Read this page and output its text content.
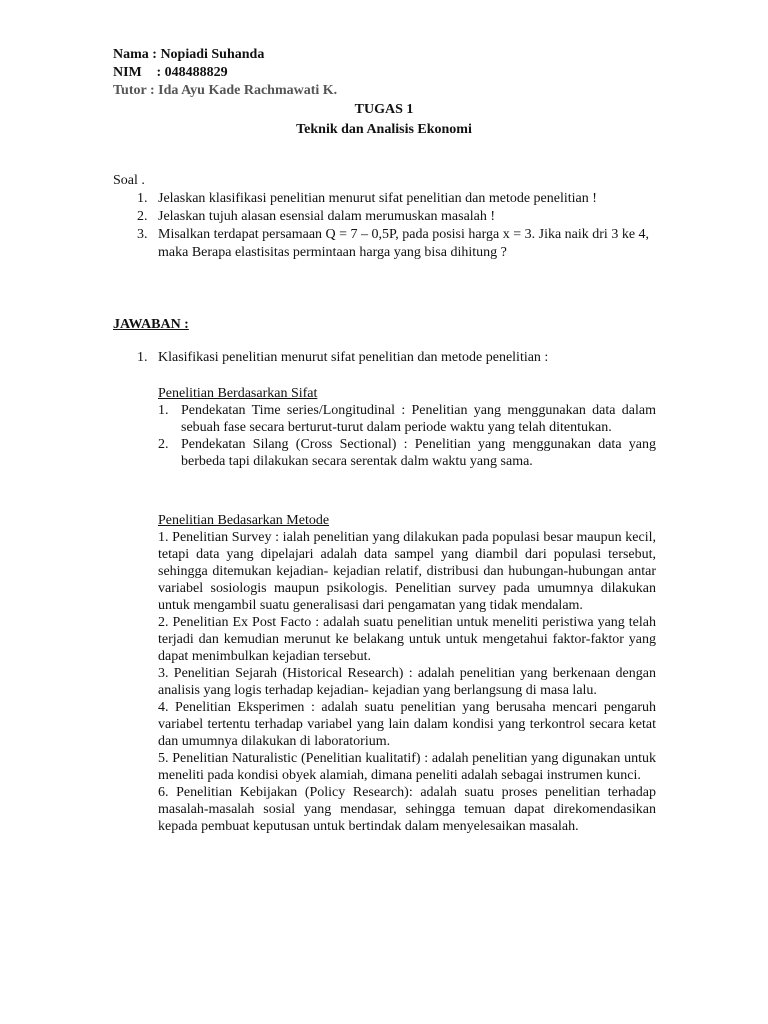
Nama : Nopiadi Suhanda
NIM : 048488829
Tutor : Ida Ayu Kade Rachmawati K.
TUGAS 1
Teknik dan Analisis Ekonomi
Soal .
1. Jelaskan klasifikasi penelitian menurut sifat penelitian dan metode penelitian !
2. Jelaskan tujuh alasan esensial dalam merumuskan masalah !
3. Misalkan terdapat persamaan Q = 7 – 0,5P, pada posisi harga x = 3. Jika naik dri 3 ke 4, maka Berapa elastisitas permintaan harga yang bisa dihitung ?
JAWABAN :
1. Klasifikasi penelitian menurut sifat penelitian dan metode penelitian :
Penelitian Berdasarkan Sifat
1. Pendekatan Time series/Longitudinal : Penelitian yang menggunakan data dalam sebuah fase secara berturut-turut dalam periode waktu yang telah ditentukan.
2. Pendekatan Silang (Cross Sectional) : Penelitian yang menggunakan data yang berbeda tapi dilakukan secara serentak dalm waktu yang sama.
Penelitian Bedasarkan Metode

1. Penelitian Survey : ialah penelitian yang dilakukan pada populasi besar maupun kecil, tetapi data yang dipelajari adalah data sampel yang diambil dari populasi tersebut, sehingga ditemukan kejadian- kejadian relatif, distribusi dan hubungan-hubungan antar variabel sosiologis maupun psikologis. Penelitian survey pada umumnya dilakukan untuk mengambil suatu generalisasi dari pengamatan yang tidak mendalam.

2. Penelitian Ex Post Facto : adalah suatu penelitian untuk meneliti peristiwa yang telah terjadi dan kemudian merunut ke belakang untuk untuk mengetahui faktor-faktor yang dapat menimbulkan kejadian tersebut.

3. Penelitian Sejarah (Historical Research) : adalah penelitian yang berkenaan dengan analisis yang logis terhadap kejadian- kejadian yang berlangsung di masa lalu.

4. Penelitian Eksperimen : adalah suatu penelitian yang berusaha mencari pengaruh variabel tertentu terhadap variabel yang lain dalam kondisi yang terkontrol secara ketat dan umumnya dilakukan di laboratorium.

5. Penelitian Naturalistic (Penelitian kualitatif) : adalah penelitian yang digunakan untuk meneliti pada kondisi obyek alamiah, dimana peneliti adalah sebagai instrumen kunci.

6. Penelitian Kebijakan (Policy Research): adalah suatu proses penelitian terhadap masalah-masalah sosial yang mendasar, sehingga temuan dapat direkomendasikan kepada pembuat keputusan untuk bertindak dalam menyelesaikan masalah.
